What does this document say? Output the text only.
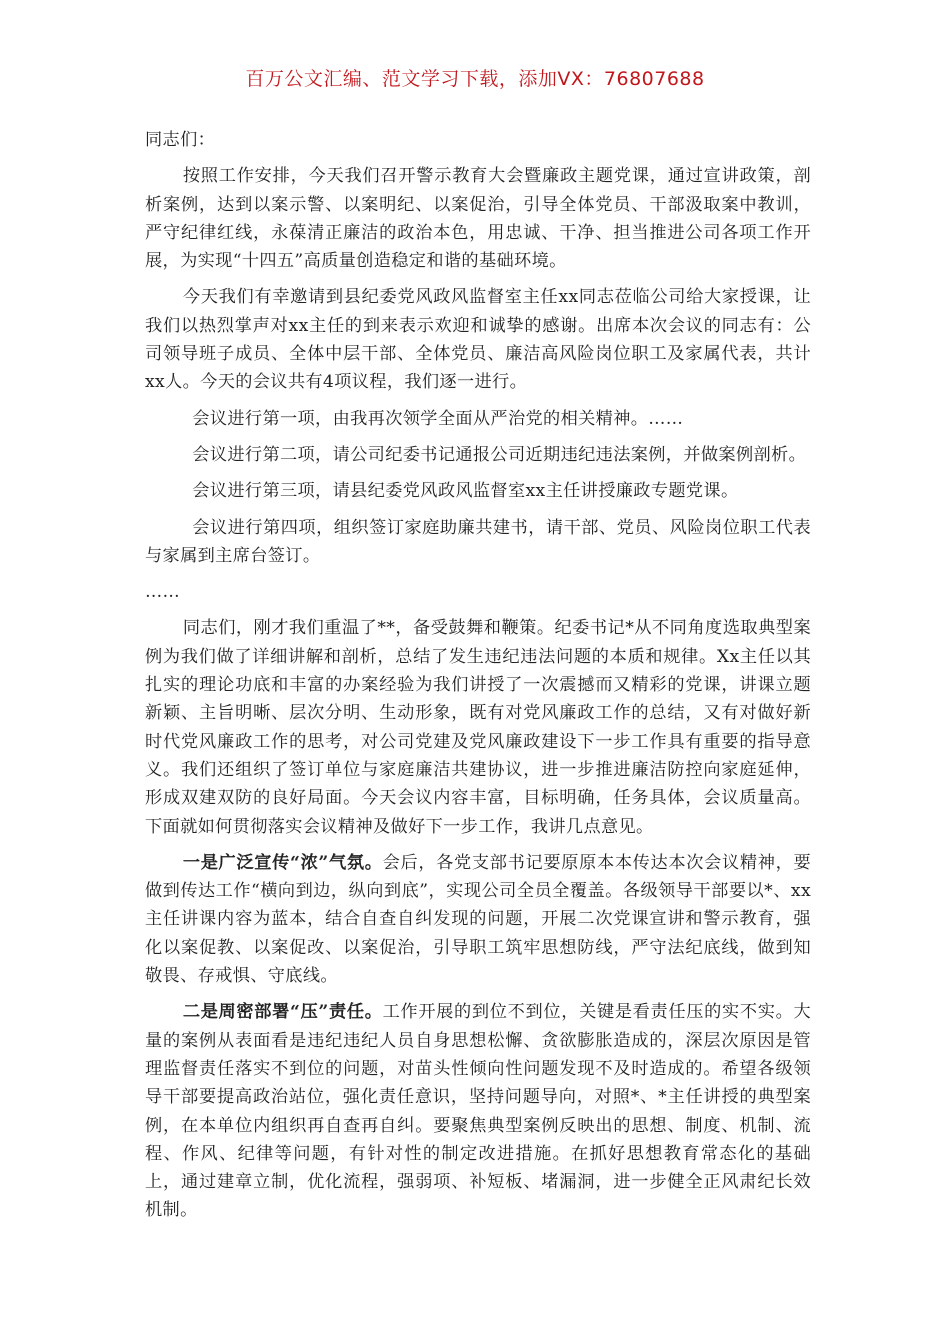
百万公文汇编、范文学习下载，添加VX：76807688

同志们：

按照工作安排，今天我们召开警示教育大会暨廉政主题党课，通过宣讲政策，剖析案例，达到以案示警、以案明纪、以案促治，引导全体党员、干部汲取案中教训，严守纪律红线，永葆清正廉洁的政治本色，用忠诚、干净、担当推进公司各项工作开展，为实现“十四五”高质量创造稳定和谐的基础环境。

今天我们有幸邀请到县纪委党风政风监督室主任xx同志莅临公司给大家授课，让我们以热烈掌声对xx主任的到来表示欢迎和诚挚的感谢。出席本次会议的同志有：公司领导班子成员、全体中层干部、全体党员、廉洁高风险岗位职工及家属代表，共计xx人。今天的会议共有4项议程，我们逐一进行。

会议进行第一项，由我再次领学全面从严治党的相关精神。……

会议进行第二项，请公司纪委书记通报公司近期违纪违法案例，并做案例剖析。

会议进行第三项，请县纪委党风政风监督室xx主任讲授廉政专题党课。

会议进行第四项，组织签订家庭助廉共建书，请干部、党员、风险岗位职工代表与家属到主席台签订。

……

同志们，刚才我们重温了**，备受鼓舞和鞭策。纪委书记*从不同角度选取典型案例为我们做了详细讲解和剖析，总结了发生违纪违法问题的本质和规律。Xx主任以其扎实的理论功底和丰富的办案经验为我们讲授了一次震撼而又精彩的党课，讲课立题新颖、主旨明晰、层次分明、生动形象，既有对党风廉政工作的总结，又有对做好新时代党风廉政工作的思考，对公司党建及党风廉政建设下一步工作具有重要的指导意义。我们还组织了签订单位与家庭廉洁共建协议，进一步推进廉洁防控向家庭延伸，形成双建双防的良好局面。今天会议内容丰富，目标明确，任务具体，会议质量高。下面就如何贯彻落实会议精神及做好下一步工作，我讲几点意见。

一是广泛宣传“浓”气氛。会后，各党支部书记要原原本本传达本次会议精神，要做到传达工作“横向到边，纵向到底”，实现公司全员全覆盖。各级领导干部要以*、xx主任讲课内容为蓝本，结合自查自纠发现的问题，开展二次党课宣讲和警示教育，强化以案促教、以案促改、以案促治，引导职工筑牢思想防线，严守法纪底线，做到知敬畏、存戒惧、守底线。

二是周密部署“压”责任。工作开展的到位不到位，关键是看责任压的实不实。大量的案例从表面看是违纪违纪人员自身思想松懈、贪欲膨胀造成的，深层次原因是管理监督责任落实不到位的问题，对苗头性倾向性问题发现不及时造成的。希望各级领导干部要提高政治站位，强化责任意识，坚持问题导向，对照*、*主任讲授的典型案例，在本单位内组织再自查再自纠。要聚焦典型案例反映出的思想、制度、机制、流程、作风、纪律等问题，有针对性的制定改进措施。在抓好思想教育常态化的基础上，通过建章立制，优化流程，强弱项、补短板、堵漏洞，进一步健全正风肃纪长效机制。
